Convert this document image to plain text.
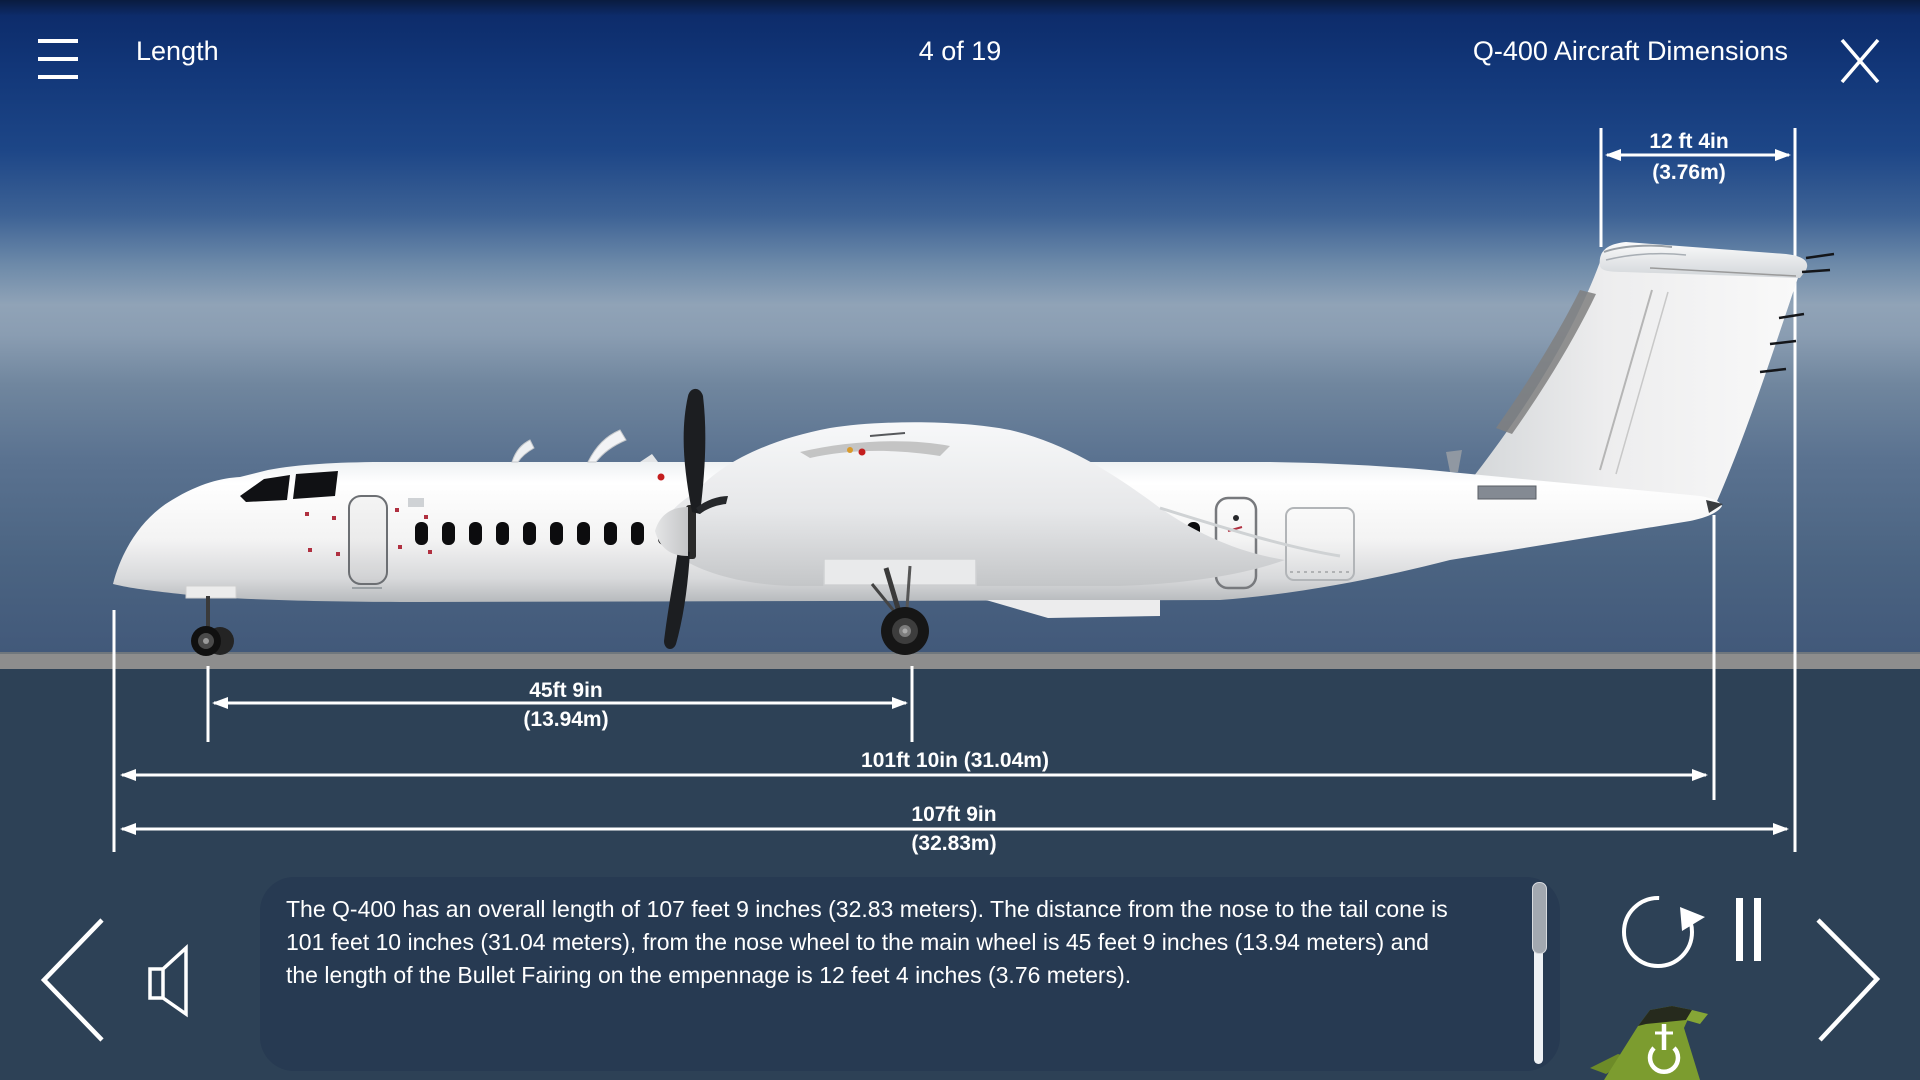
Length	4 of 19	Q-400 Aircraft Dimensions
12 ft 4in
(3.76m)
45ft 9in
(13.94m)
101ft 10in (31.04m)
107ft 9in
(32.83m)

The Q-400 has an overall length of 107 feet 9 inches (32.83 meters). The distance from the nose to the tail cone is 101 feet 10 inches (31.04 meters), from the nose wheel to the main wheel is 45 feet 9 inches (13.94 meters) and the length of the Bullet Fairing on the empennage is 12 feet 4 inches (3.76 meters).
